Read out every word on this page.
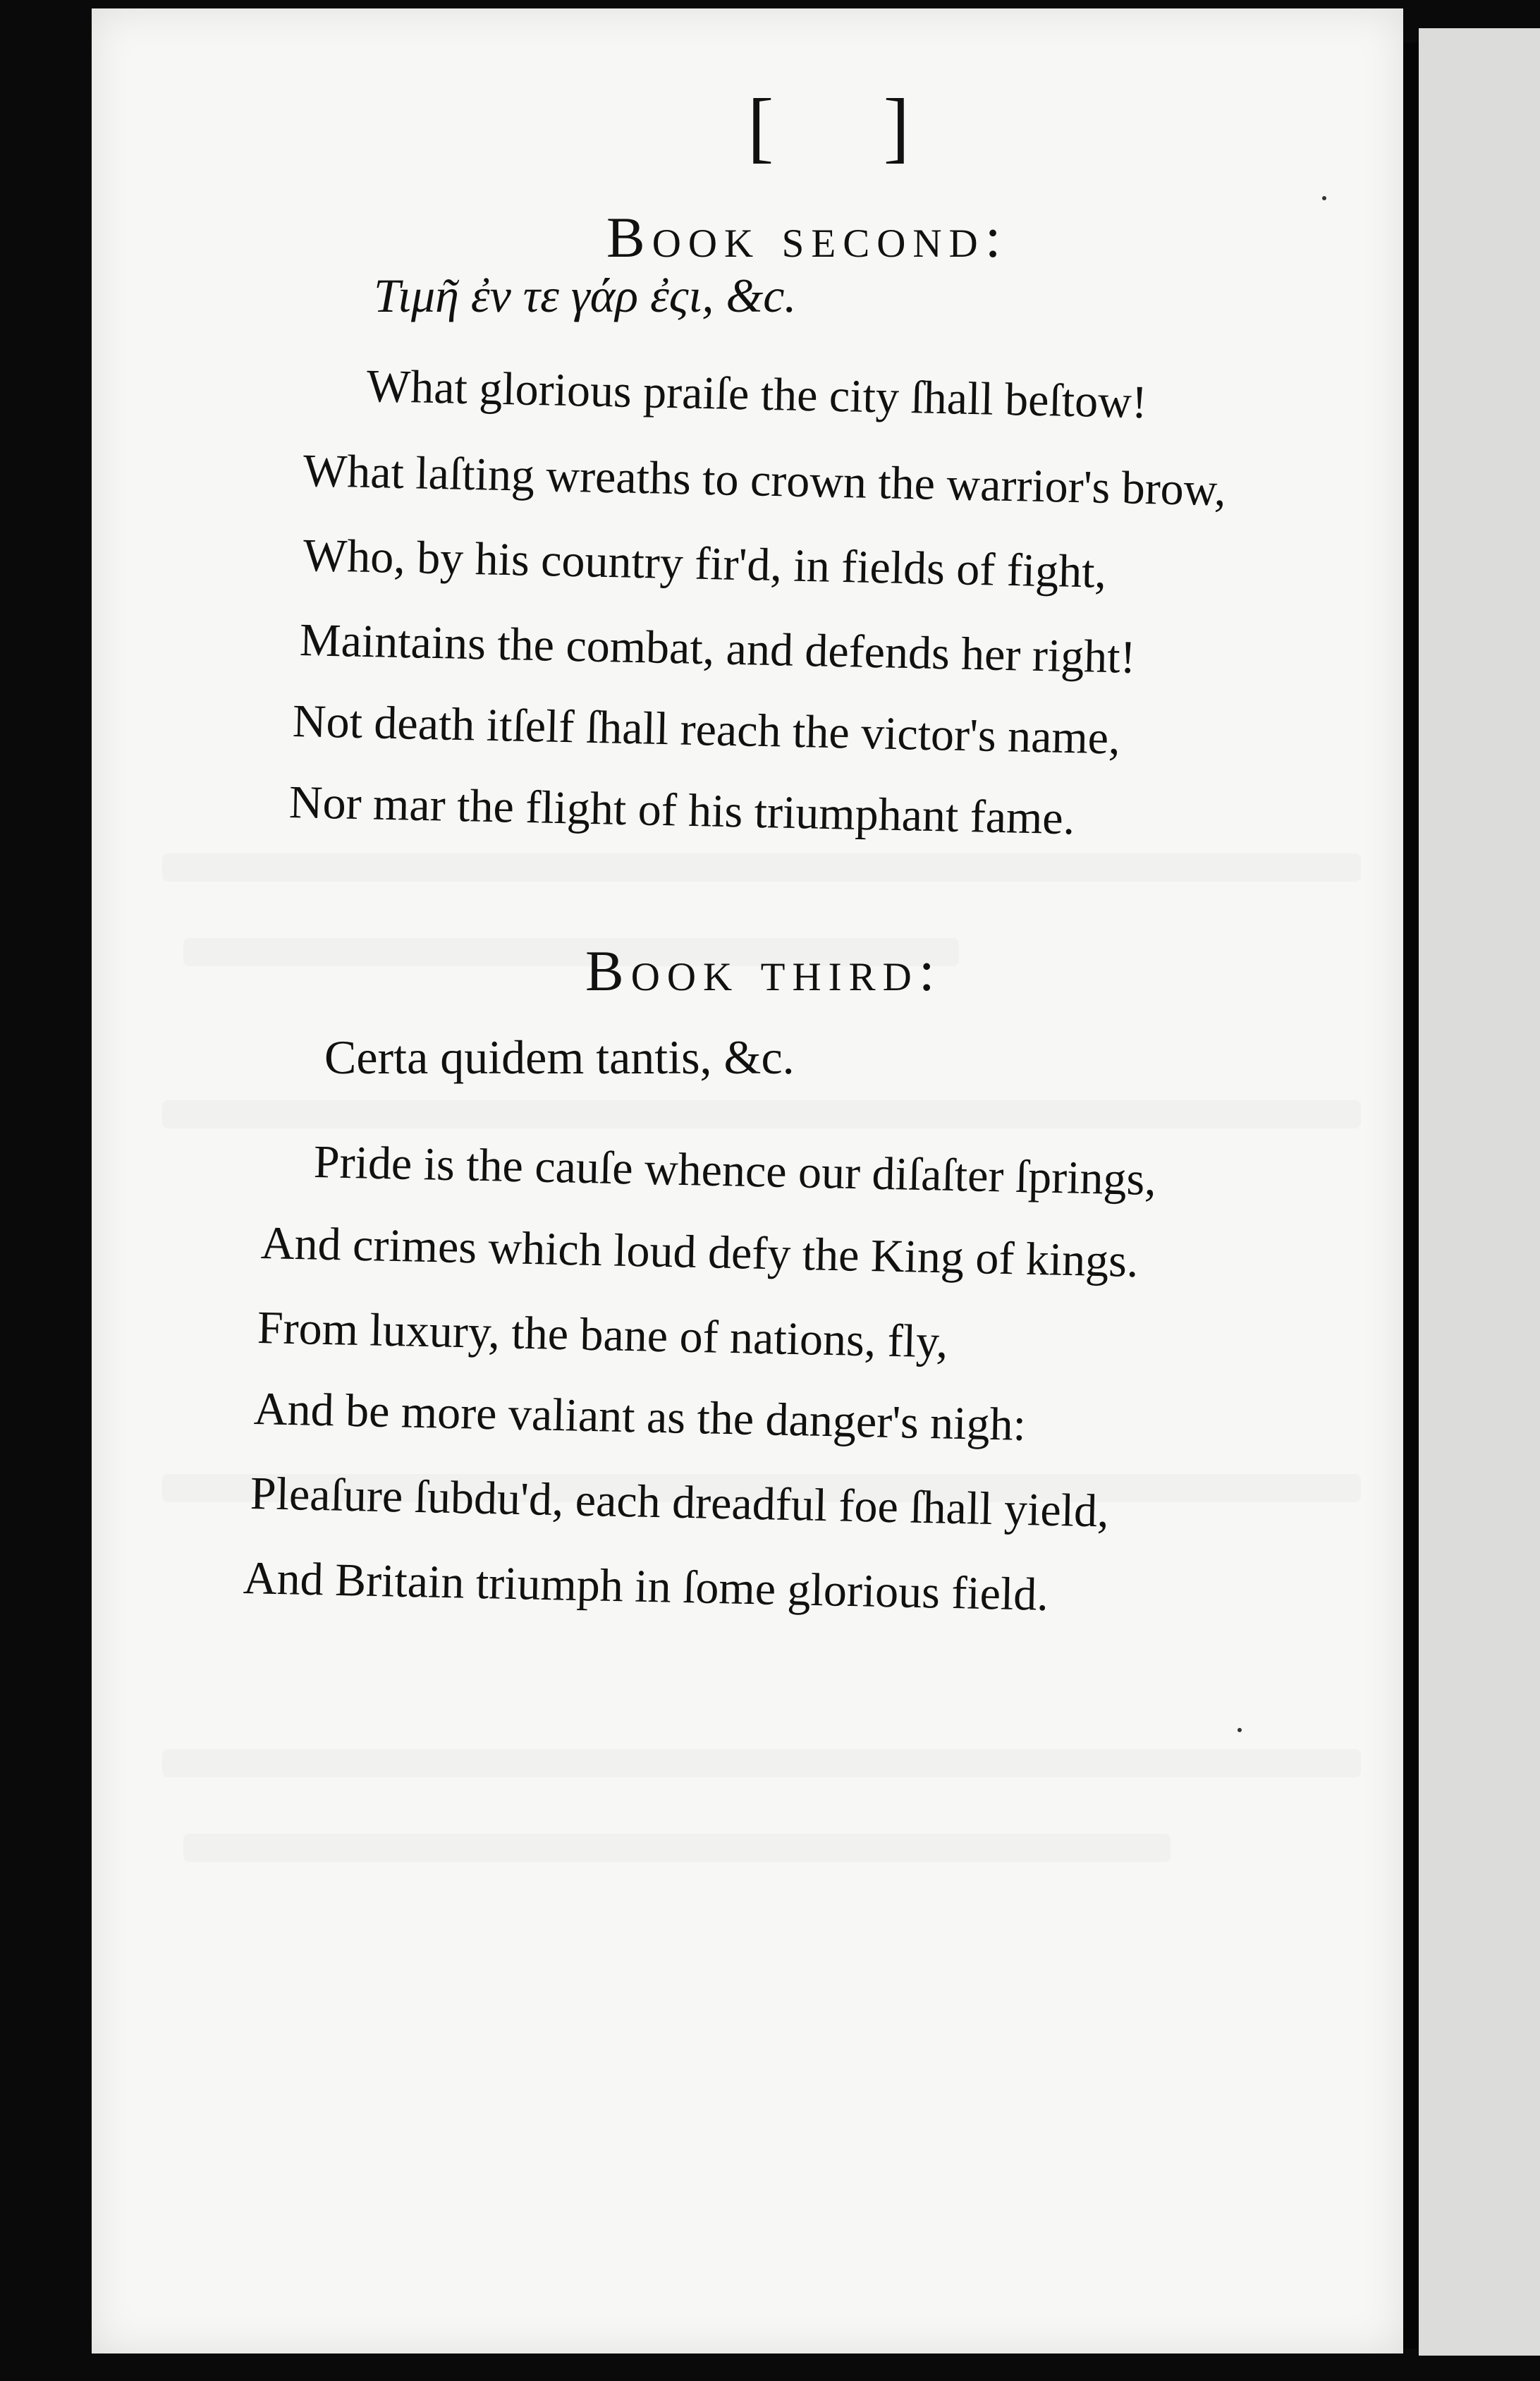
[ ]
Book second:
Τιμῆ ἐν τε γάρ ἐςι, &c.
What glorious praiſe the city ſhall beſtow!
What laſting wreaths to crown the warrior's brow,
Who, by his country fir'd, in fields of fight,
Maintains the combat, and defends her right!
Not death itſelf ſhall reach the victor's name,
Nor mar the flight of his triumphant fame.
Book third:
Certa quidem tantis, &c.
Pride is the cauſe whence our diſaſter ſprings,
And crimes which loud defy the King of kings.
From luxury, the bane of nations, fly,
And be more valiant as the danger's nigh:
Pleaſure ſubdu'd, each dreadful foe ſhall yield,
And Britain triumph in ſome glorious field.
